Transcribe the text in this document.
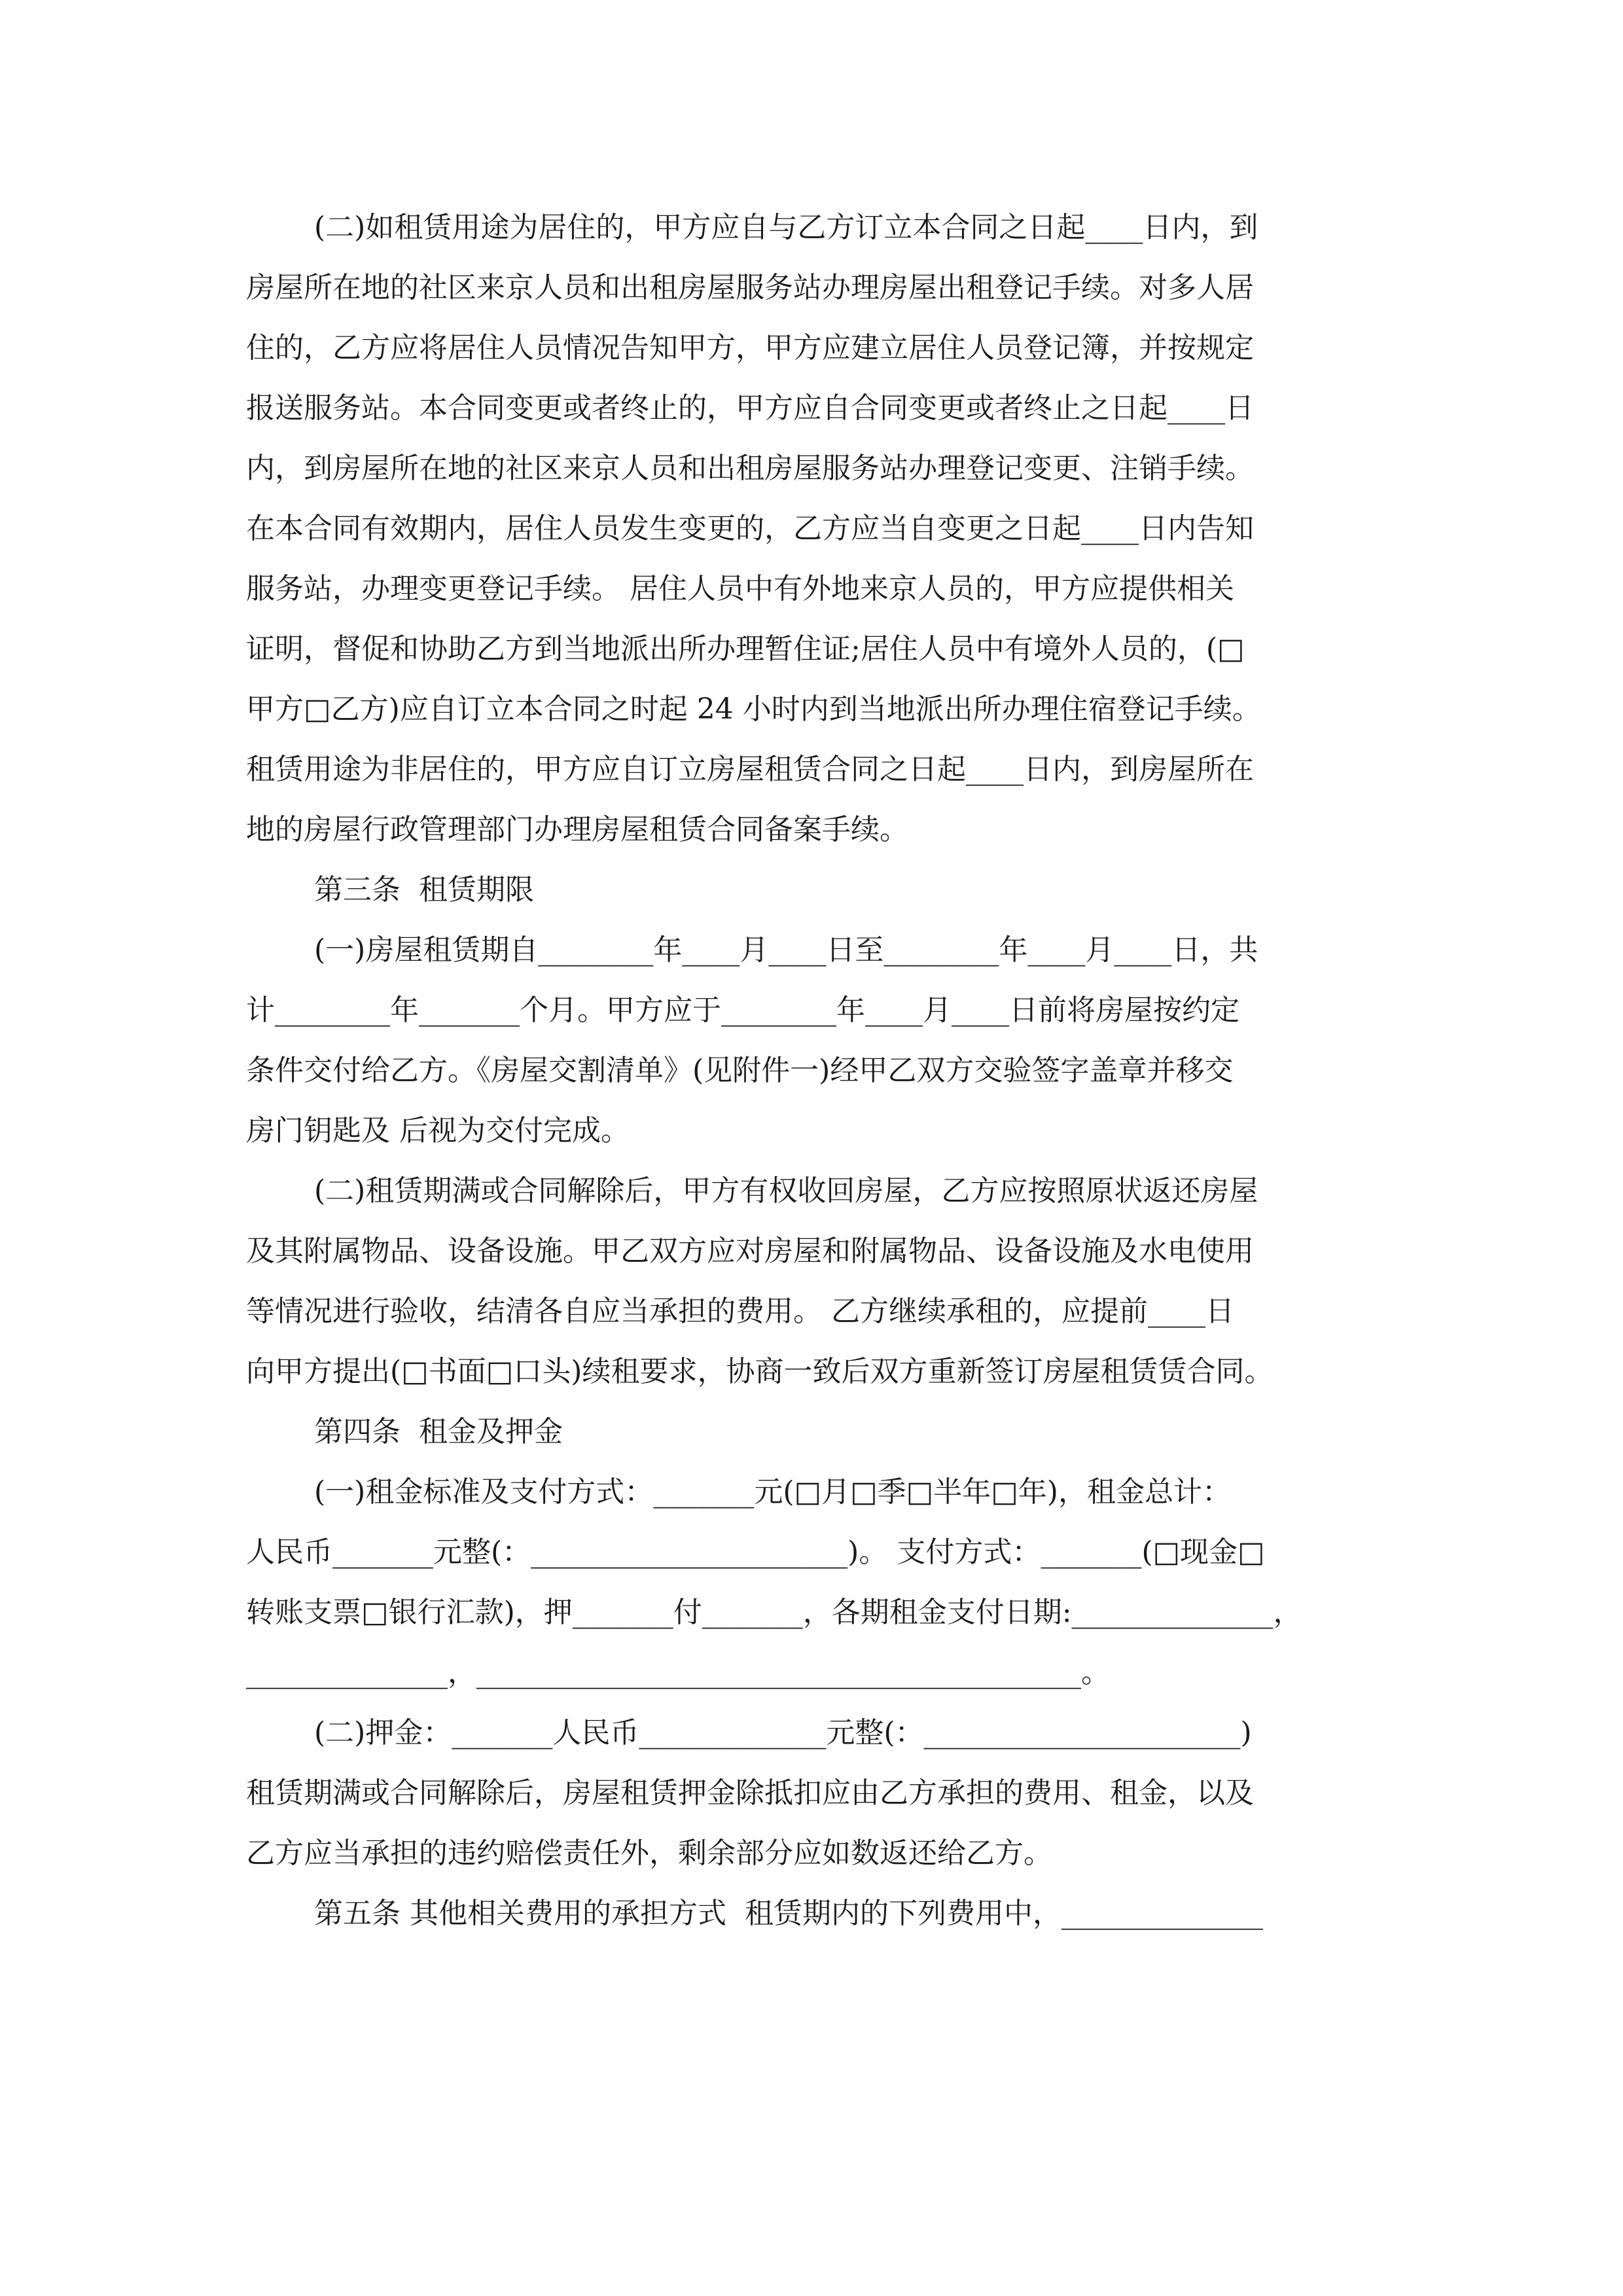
(二)如租赁用途为居住的，甲方应自与乙方订立本合同之日起____日内，到
房屋所在地的社区来京人员和出租房屋服务站办理房屋出租登记手续。对多人居
住的，乙方应将居住人员情况告知甲方，甲方应建立居住人员登记簿，并按规定
报送服务站。本合同变更或者终止的，甲方应自合同变更或者终止之日起____日
内，到房屋所在地的社区来京人员和出租房屋服务站办理登记变更、注销手续。
在本合同有效期内，居住人员发生变更的，乙方应当自变更之日起____日内告知
服务站，办理变更登记手续。 居住人员中有外地来京人员的，甲方应提供相关
证明，督促和协助乙方到当地派出所办理暂住证;居住人员中有境外人员的，(□
甲方□乙方)应自订立本合同之时起 24 小时内到当地派出所办理住宿登记手续。
租赁用途为非居住的，甲方应自订立房屋租赁合同之日起____日内，到房屋所在
地的房屋行政管理部门办理房屋租赁合同备案手续。
第三条  租赁期限
(一)房屋租赁期自________年____月____日至________年____月____日，共
计________年_______个月。甲方应于________年____月____日前将房屋按约定
条件交付给乙方。《房屋交割清单》(见附件一)经甲乙双方交验签字盖章并移交
房门钥匙及 后视为交付完成。
(二)租赁期满或合同解除后，甲方有权收回房屋，乙方应按照原状返还房屋
及其附属物品、设备设施。甲乙双方应对房屋和附属物品、设备设施及水电使用
等情况进行验收，结清各自应当承担的费用。 乙方继续承租的，应提前____日
向甲方提出(□书面□口头)续租要求，协商一致后双方重新签订房屋租赁赁合同。
第四条  租金及押金
(一)租金标准及支付方式：_______元(□月□季□半年□年)，租金总计：
人民币_______元整(：______________________)。 支付方式：_______(□现金□
转账支票□银行汇款)，押_______付_______，各期租金支付日期:______________，
______________，__________________________________________。
(二)押金：_______人民币_____________元整(：______________________)
租赁期满或合同解除后，房屋租赁押金除抵扣应由乙方承担的费用、租金，以及
乙方应当承担的违约赔偿责任外，剩余部分应如数返还给乙方。
第五条 其他相关费用的承担方式  租赁期内的下列费用中，______________
